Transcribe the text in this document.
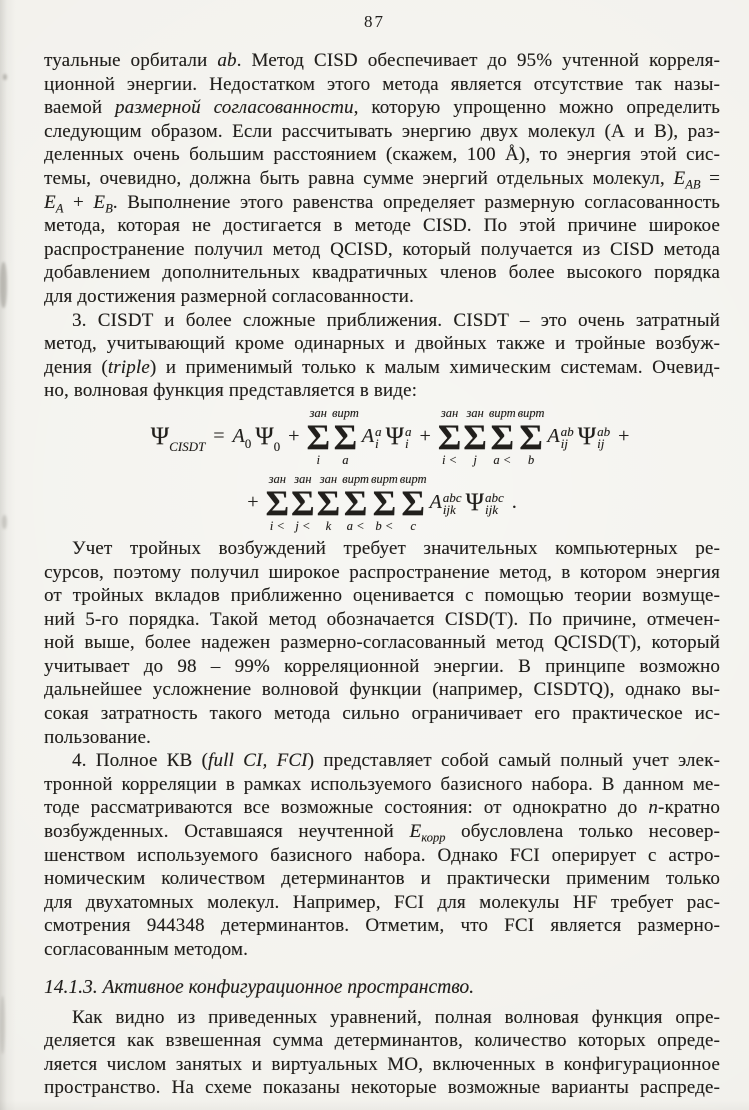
87
туальные орбитали ab. Метод CISD обеспечивает до 95% учтенной корреля-
ционной энергии. Недостатком этого метода является отсутствие так назы-
ваемой размерной согласованности, которую упрощенно можно определить
следующим образом. Если рассчитывать энергию двух молекул (А и В), раз-
деленных очень большим расстоянием (скажем, 100 Å), то энергия этой сис-
темы, очевидно, должна быть равна сумме энергий отдельных молекул, $E_{AB}$ =
$E_A + E_B$. Выполнение этого равенства определяет размерную согласованность
метода, которая не достигается в методе CISD. По этой причине широкое
распространение получил метод QCISD, который получается из CISD метода
добавлением дополнительных квадратичных членов более высокого порядка
для достижения размерной согласованности.
3. CISDT и более сложные приближения. CISDT – это очень затратный
метод, учитывающий кроме одинарных и двойных также и тройные возбуж-
дения (triple) и применимый только к малым химическим системам. Очевид-
но, волновая функция представляется в виде:
Ψ CISDT = A 0 Ψ 0 +
зан
Σ
i
вирт
Σ
a
A a
i Ψ a
i +
зан
Σ
i <
зан
Σ
j
вирт
Σ
a <
вирт
Σ
b
A ab
ij Ψ ab
ij +
+
зан
Σ
i <
зан
Σ
j <
зан
Σ
k
вирт
Σ
a <
вирт
Σ
b <
вирт
Σ
c
A abc
ijk Ψ abc
ijk .
Учет тройных возбуждений требует значительных компьютерных ре-
сурсов, поэтому получил широкое распространение метод, в котором энергия
от тройных вкладов приближенно оценивается с помощью теории возмуще-
ний 5-го порядка. Такой метод обозначается CISD(T). По причине, отмечен-
ной выше, более надежен размерно-согласованный метод QCISD(T), который
учитывает до 98 – 99% корреляционной энергии. В принципе возможно
дальнейшее усложнение волновой функции (например, CISDTQ), однако вы-
сокая затратность такого метода сильно ограничивает его практическое ис-
пользование.
4. Полное КВ (full CI, FCI) представляет собой самый полный учет элек-
тронной корреляции в рамках используемого базисного набора. В данном ме-
тоде рассматриваются все возможные состояния: от однократно до n-кратно
возбужденных. Оставшаяся неучтенной $E_{корр}$ обусловлена только несовер-
шенством используемого базисного набора. Однако FCI оперирует с астро-
номическим количеством детерминантов и практически применим только
для двухатомных молекул. Например, FCI для молекулы HF требует рас-
смотрения 944348 детерминантов. Отметим, что FCI является размерно-
согласованным методом.
14.1.3. Активное конфигурационное пространство.
Как видно из приведенных уравнений, полная волновая функция опре-
деляется как взвешенная сумма детерминантов, количество которых опреде-
ляется числом занятых и виртуальных МО, включенных в конфигурационное
пространство. На схеме показаны некоторые возможные варианты распреде-
